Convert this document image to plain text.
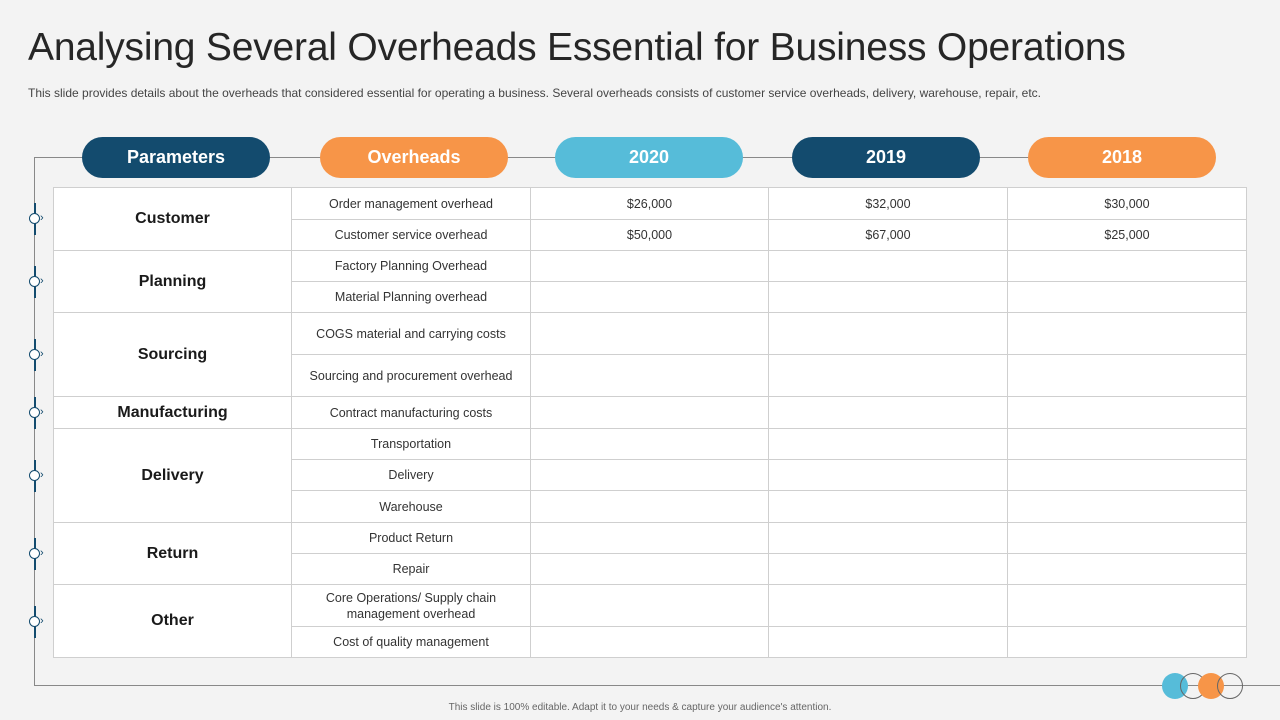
Analysing Several Overheads Essential for Business Operations
This slide provides details about the overheads that considered essential for operating a business. Several overheads consists of customer service overheads, delivery, warehouse, repair, etc.
Parameters	Overheads	2020	2019	2018
Customer	Order management overhead	$26,000	$32,000	$30,000
	Customer service overhead	$50,000	$67,000	$25,000
Planning	Factory Planning Overhead			
	Material Planning overhead			
Sourcing	COGS material and carrying costs			
	Sourcing and procurement overhead			
Manufacturing	Contract manufacturing costs			
Delivery	Transportation			
	Delivery			
	Warehouse			
Return	Product Return			
	Repair			
Other	Core Operations/ Supply chain management overhead			
	Cost of quality management			
›
›
›
›
›
›
›
This slide is 100% editable. Adapt it to your needs & capture your audience's attention.
